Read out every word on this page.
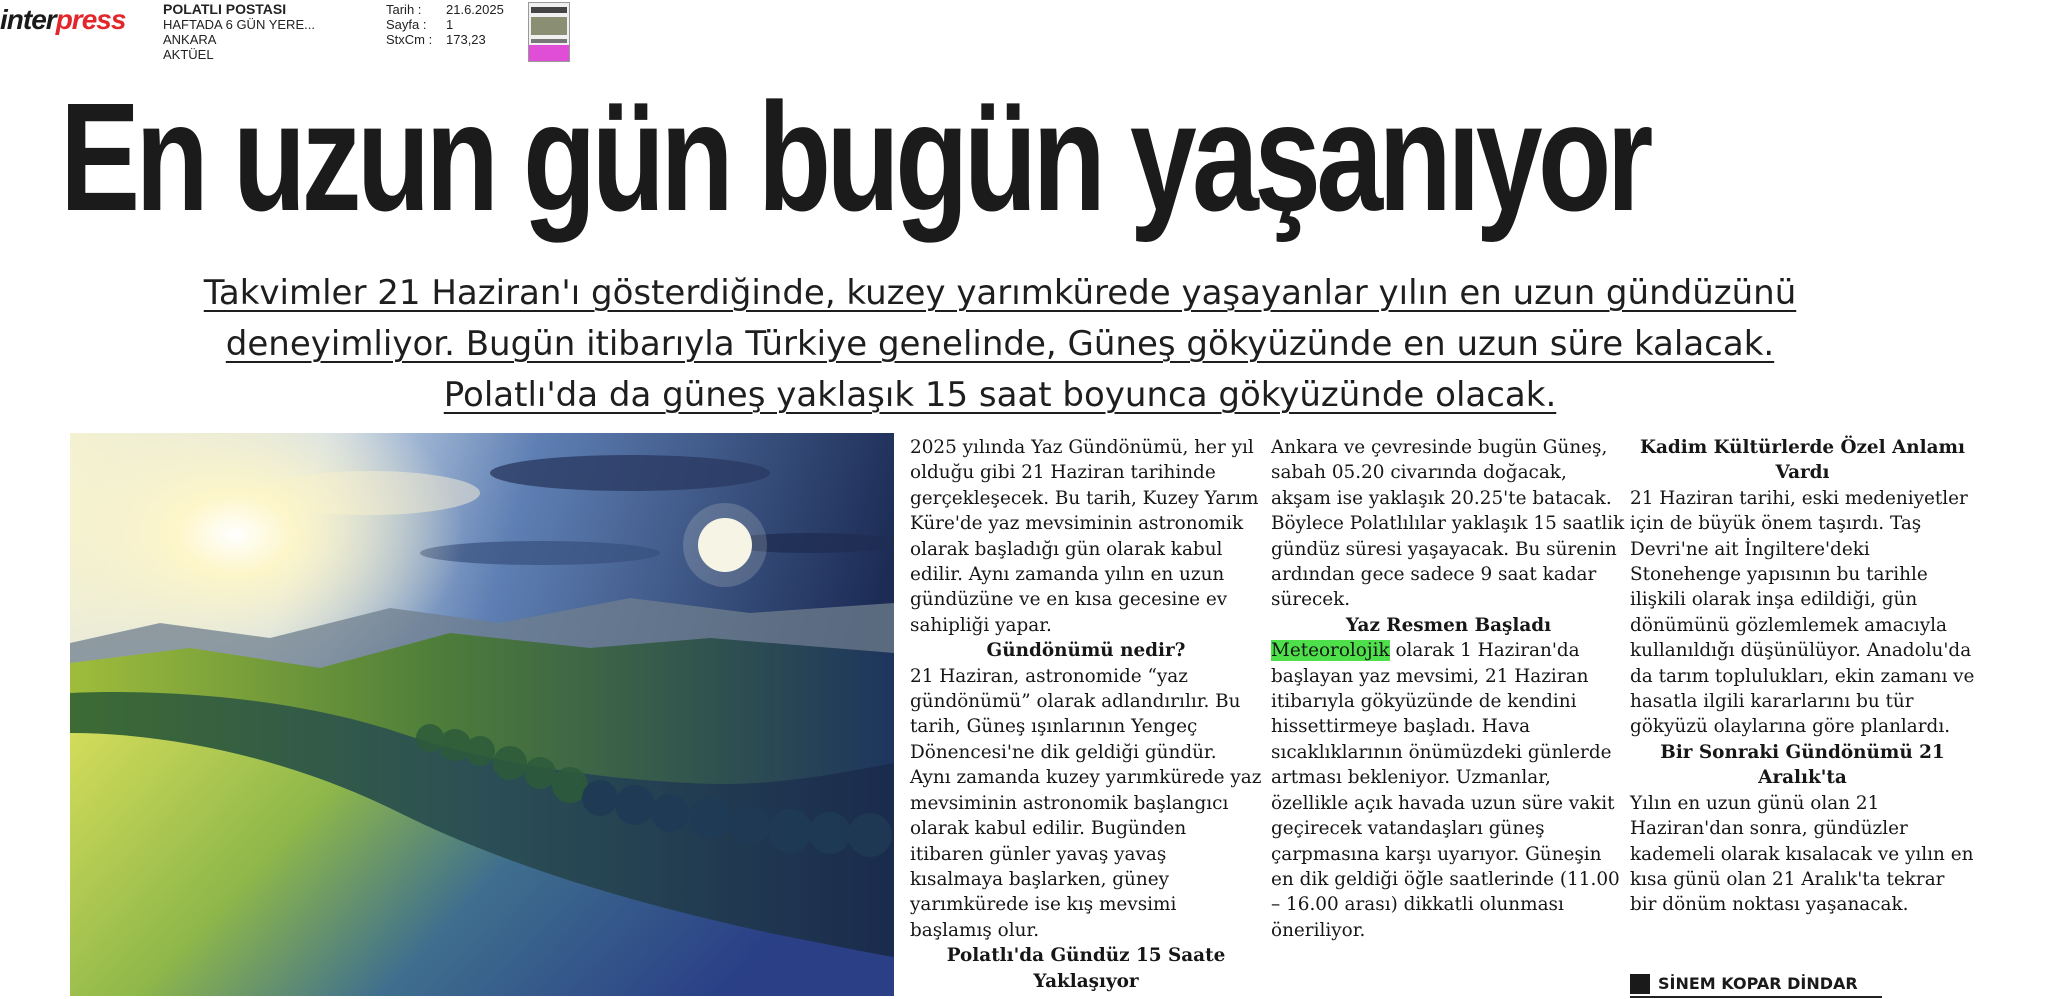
interpress	POLATLI POSTASI
HAFTADA 6 GÜN YERE...
ANKARA
AKTÜEL
Tarih :	21.6.2025
Sayfa :	1
StxCm :	173,23
En uzun gün bugün yaşanıyor
Takvimler 21 Haziran'ı gösterdiğinde, kuzey yarımkürede yaşayanlar yılın en uzun gündüzünü
deneyimliyor. Bugün itibarıyla Türkiye genelinde, Güneş gökyüzünde en uzun süre kalacak.
Polatlı'da da güneş yaklaşık 15 saat boyunca gökyüzünde olacak.

2025 yılında Yaz Gündönümü, her yıl olduğu gibi 21 Haziran tarihinde gerçekleşecek. Bu tarih, Kuzey Yarım Küre'de yaz mevsiminin astronomik olarak başladığı gün olarak kabul edilir. Aynı zamanda yılın en uzun gündüzüne ve en kısa gecesine ev sahipliği yapar.

Gündönümü nedir?

21 Haziran, astronomide “yaz gündönümü” olarak adlandırılır. Bu tarih, Güneş ışınlarının Yengeç Dönencesi'ne dik geldiği gündür. Aynı zamanda kuzey yarımkürede yaz mevsiminin astronomik başlangıcı olarak kabul edilir. Bugünden itibaren günler yavaş yavaş kısalmaya başlarken, güney yarımkürede ise kış mevsimi başlamış olur.

Polatlı'da Gündüz 15 Saate Yaklaşıyor

Ankara ve çevresinde bugün Güneş, sabah 05.20 civarında doğacak, akşam ise yaklaşık 20.25'te batacak. Böylece Polatlılılar yaklaşık 15 saatlik gündüz süresi yaşayacak. Bu sürenin ardından gece sadece 9 saat kadar sürecek.

Yaz Resmen Başladı

Meteorolojik olarak 1 Haziran'da başlayan yaz mevsimi, 21 Haziran itibarıyla gökyüzünde de kendini hissettirmeye başladı. Hava sıcaklıklarının önümüzdeki günlerde artması bekleniyor. Uzmanlar, özellikle açık havada uzun süre vakit geçirecek vatandaşları güneş çarpmasına karşı uyarıyor. Güneşin en dik geldiği öğle saatlerinde (11.00 – 16.00 arası) dikkatli olunması öneriliyor.

Kadim Kültürlerde Özel Anlamı Vardı

21 Haziran tarihi, eski medeniyetler için de büyük önem taşırdı. Taş Devri'ne ait İngiltere'deki Stonehenge yapısının bu tarihle ilişkili olarak inşa edildiği, gün dönümünü gözlemlemek amacıyla kullanıldığı düşünülüyor. Anadolu'da da tarım toplulukları, ekin zamanı ve hasatla ilgili kararlarını bu tür gökyüzü olaylarına göre planlardı.

Bir Sonraki Gündönümü 21 Aralık'ta

Yılın en uzun günü olan 21 Haziran'dan sonra, gündüzler kademeli olarak kısalacak ve yılın en kısa günü olan 21 Aralık'ta tekrar bir dönüm noktası yaşanacak.

SİNEM KOPAR DİNDAR
